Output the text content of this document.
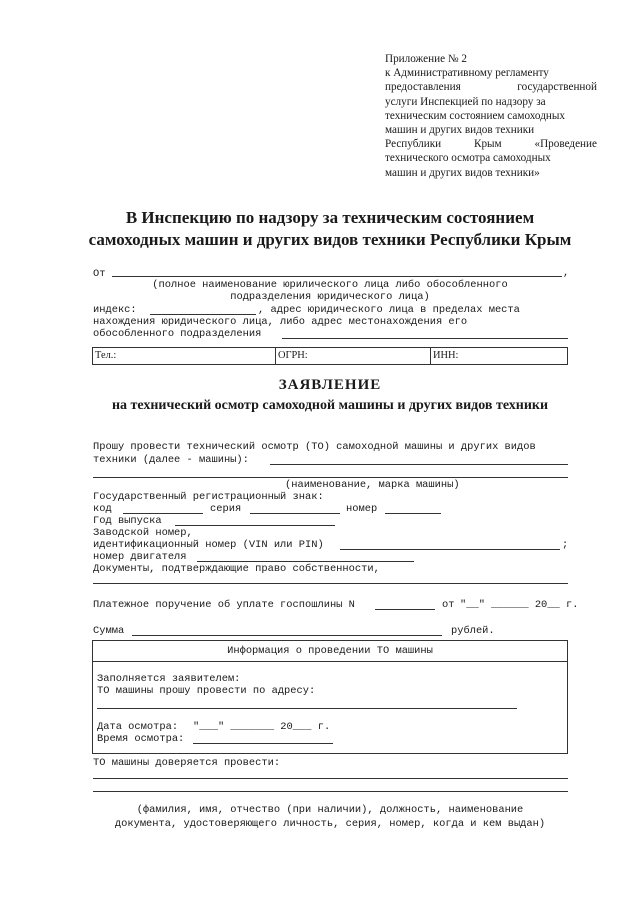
Приложение № 2
к Административному регламенту
предоставления	государственной
услуги Инспекцией по надзору за
техническим состоянием самоходных
машин и других видов техники
Республики	Крым	«Проведение
технического осмотра самоходных
машин и других видов техники»
В Инспекцию по надзору за техническим состоянием
самоходных машин и других видов техники Республики Крым
От	,
(полное наименование юрилического лица либо обособленного
подразделения юридического лица)
индекс:	, адрес юридического лица в пределах места
нахождения юридического лица, либо адрес местонахождения его
обособленного подразделения
Тел.:	ОГРН:	ИНН:
ЗАЯВЛЕНИЕ
на технический осмотр самоходной машины и других видов техники
Прошу провести технический осмотр (ТО) самоходной машины и других видов
техники (далее - машины):
(наименование, марка машины)
Государственный регистрационный знак:
код	серия	номер
Год выпуска
Заводской номер,
идентификационный номер (VIN или PIN)	;
номер двигателя
Документы, подтверждающие право собственности,
Платежное поручение об уплате госпошлины N	от "__" ______ 20__ г.
Сумма	рублей.
Информация о проведении ТО машины
Заполняется заявителем:
ТО машины прошу провести по адресу:
Дата осмотра: "___" _______ 20___ г.
Время осмотра:
ТО машины доверяется провести:
(фамилия, имя, отчество (при наличии), должность, наименование
документа, удостоверяющего личность, серия, номер, когда и кем выдан)
